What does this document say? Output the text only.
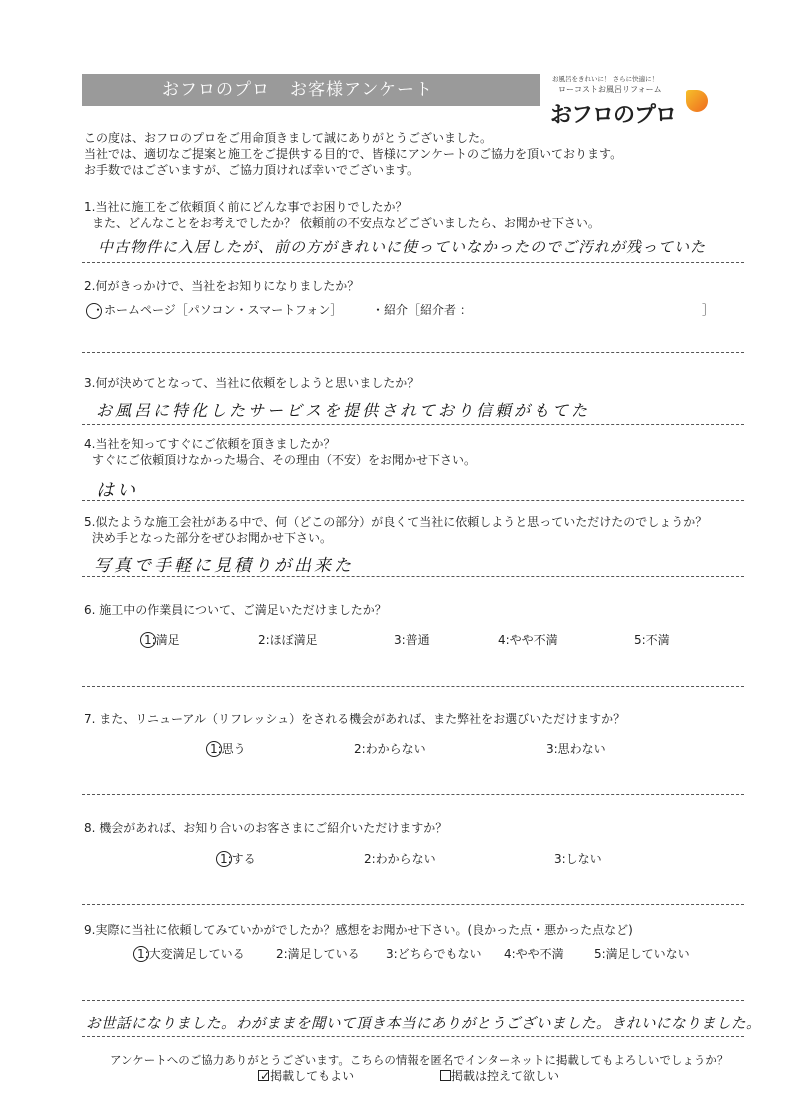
おフロのプロ お客様アンケート
お風呂をきれいに！ さらに快適に！
ローコストお風呂リフォーム
おフロのプロ
この度は、おフロのプロをご用命頂きまして誠にありがとうございました。
当社では、適切なご提案と施工をご提供する目的で、皆様にアンケートのご協力を頂いております。
お手数ではございますが、ご協力頂ければ幸いでございます。
1.当社に施工をご依頼頂く前にどんな事でお困りでしたか？
また、どんなことをお考えでしたか？ 依頼前の不安点などございましたら、お聞かせ下さい。
中古物件に入居したが、前の方がきれいに使っていなかったのでご汚れが残っていた
2.何がきっかけで、当社をお知りになりましたか？
・ホームページ［パソコン・スマートフォン］ ・紹介［紹介者 ：	］
3.何が決めてとなって、当社に依頼をしようと思いましたか？
お風呂に特化したサービスを提供されており信頼がもてた
4.当社を知ってすぐにご依頼を頂きましたか？
すぐにご依頼頂けなかった場合、その理由（不安）をお聞かせ下さい。
はい
5.似たような施工会社がある中で、何（どこの部分）が良くて当社に依頼しようと思っていただけたのでしょうか？
決め手となった部分をぜひお聞かせ下さい。
写真で手軽に見積りが出来た
6. 施工中の作業員について、ご満足いただけましたか？
1:満足	2:ほぼ満足	3:普通	4:やや不満	5:不満
7. また、リニューアル（リフレッシュ）をされる機会があれば、また弊社をお選びいただけますか？
1:思う	2:わからない	3:思わない
8. 機会があれば、お知り合いのお客さまにご紹介いただけますか？
1:する	2:わからない	3:しない
9.実際に当社に依頼してみていかがでしたか？感想をお聞かせ下さい。(良かった点・悪かった点など)
1:大変満足している	2:満足している 3:どちらでもない 4:やや不満	5:満足していない
お世話になりました。わがままを聞いて頂き本当にありがとうございました。きれいになりました。
アンケートへのご協力ありがとうございます。こちらの情報を匿名でインターネットに掲載してもよろしいでしょうか？
✓掲載してもよい	掲載は控えて欲しい
